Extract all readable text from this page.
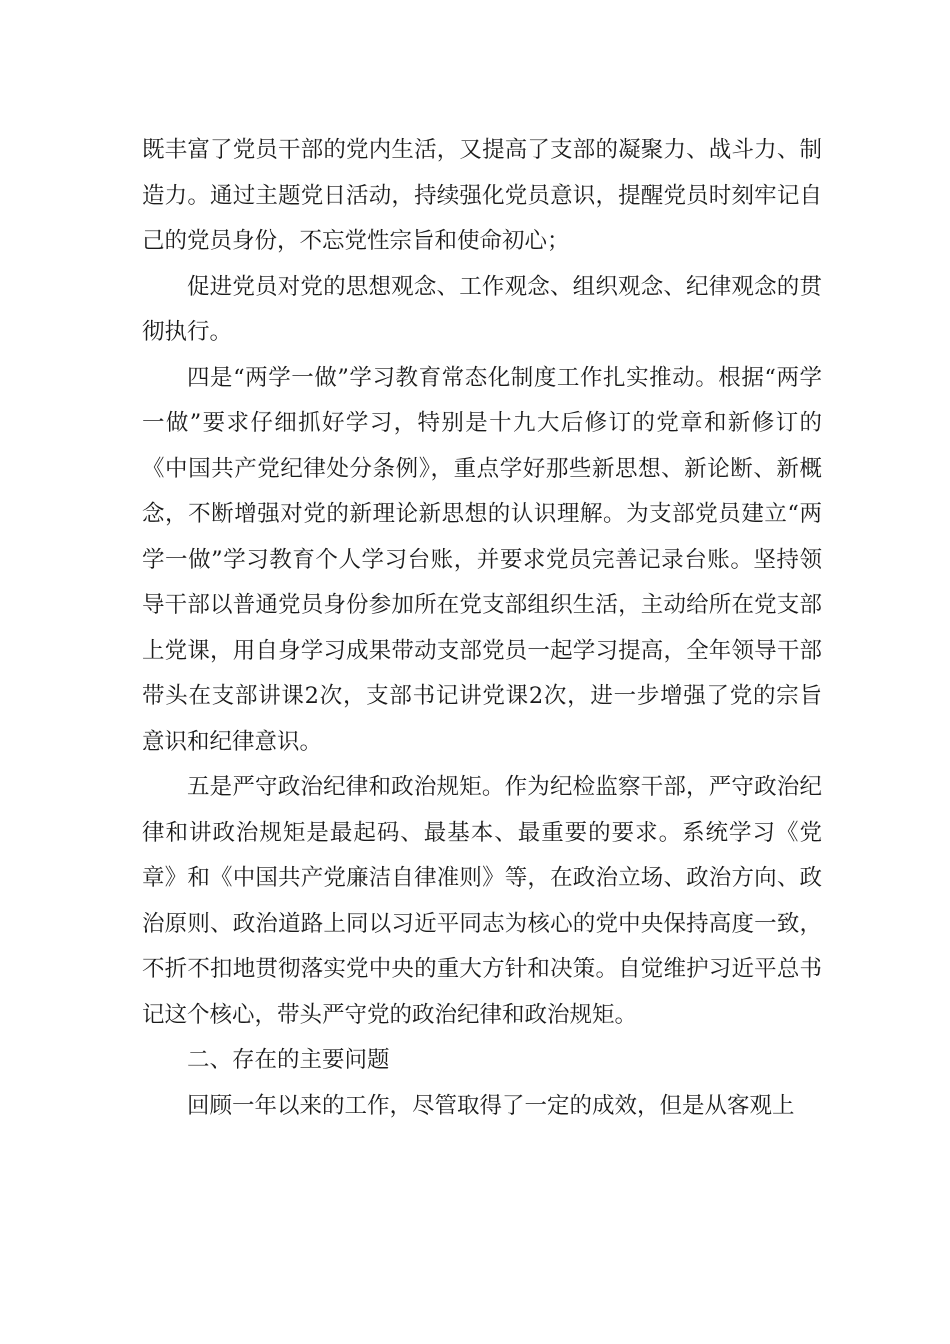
既丰富了党员干部的党内生活，又提高了支部的凝聚力、战斗力、制造力。通过主题党日活动，持续强化党员意识，提醒党员时刻牢记自己的党员身份，不忘党性宗旨和使命初心；

促进党员对党的思想观念、工作观念、组织观念、纪律观念的贯彻执行。

四是“两学一做”学习教育常态化制度工作扎实推动。根据“两学一做”要求仔细抓好学习，特别是十九大后修订的党章和新修订的《中国共产党纪律处分条例》，重点学好那些新思想、新论断、新概念，不断增强对党的新理论新思想的认识理解。为支部党员建立“两学一做”学习教育个人学习台账，并要求党员完善记录台账。坚持领导干部以普通党员身份参加所在党支部组织生活，主动给所在党支部上党课，用自身学习成果带动支部党员一起学习提高，全年领导干部带头在支部讲课2次，支部书记讲党课2次，进一步增强了党的宗旨意识和纪律意识。

五是严守政治纪律和政治规矩。作为纪检监察干部，严守政治纪律和讲政治规矩是最起码、最基本、最重要的要求。系统学习《党章》和《中国共产党廉洁自律准则》等，在政治立场、政治方向、政治原则、政治道路上同以习近平同志为核心的党中央保持高度一致，不折不扣地贯彻落实党中央的重大方针和决策。自觉维护习近平总书记这个核心，带头严守党的政治纪律和政治规矩。

二、存在的主要问题

回顾一年以来的工作，尽管取得了一定的成效，但是从客观上
